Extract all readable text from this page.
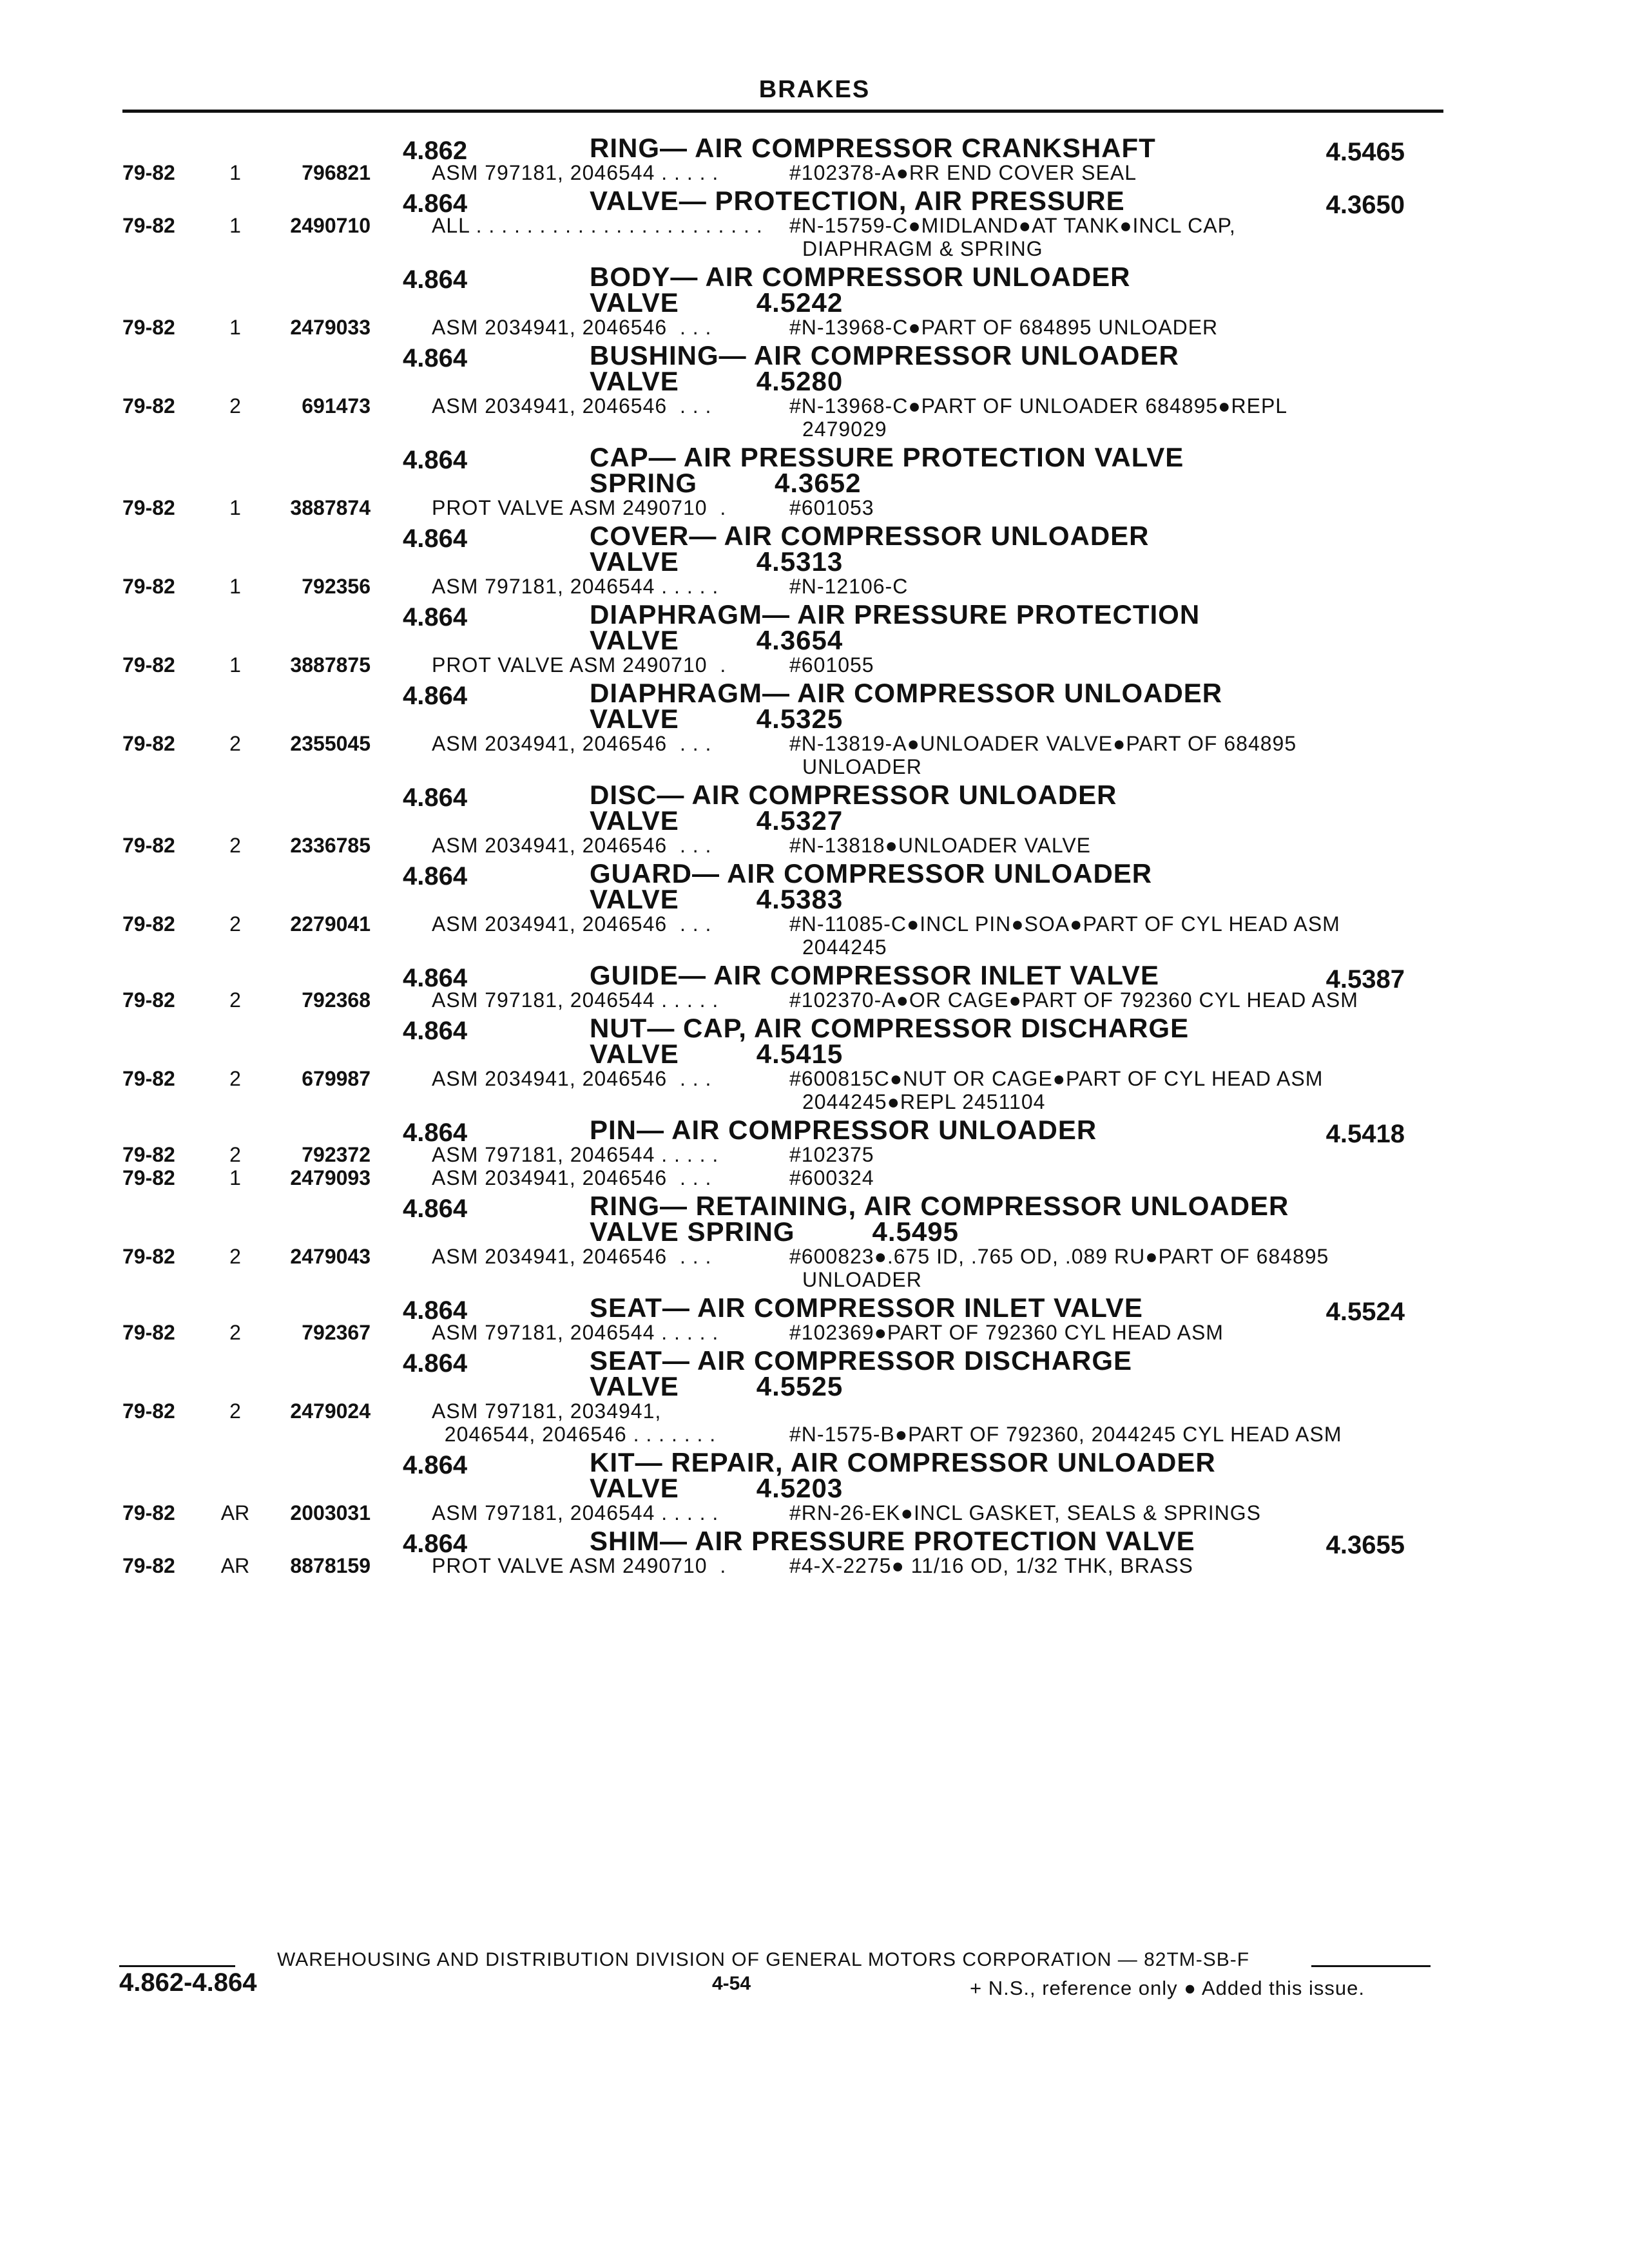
BRAKES
4.862	RING— AIR COMPRESSOR CRANKSHAFT	4.5465
79-82	1	796821	ASM 797181, 2046544 . . . . .	#102378-A●RR END COVER SEAL
4.864	VALVE— PROTECTION, AIR PRESSURE	4.3650
79-82	1	2490710	ALL . . . . . . . . . . . . . . . . . . . . . . .	#N-15759-C●MIDLAND●AT TANK●INCL CAP,
DIAPHRAGM & SPRING
4.864	BODY— AIR COMPRESSOR UNLOADER
VALVE	4.5242
79-82	1	2479033	ASM 2034941, 2046546  . . .	#N-13968-C●PART OF 684895 UNLOADER
4.864	BUSHING— AIR COMPRESSOR UNLOADER
VALVE	4.5280
79-82	2	691473	ASM 2034941, 2046546  . . .	#N-13968-C●PART OF UNLOADER 684895●REPL
2479029
4.864	CAP— AIR PRESSURE PROTECTION VALVE
SPRING	4.3652
79-82	1	3887874	PROT VALVE ASM 2490710  .	#601053
4.864	COVER— AIR COMPRESSOR UNLOADER
VALVE	4.5313
79-82	1	792356	ASM 797181, 2046544 . . . . .	#N-12106-C
4.864	DIAPHRAGM— AIR PRESSURE PROTECTION
VALVE	4.3654
79-82	1	3887875	PROT VALVE ASM 2490710  .	#601055
4.864	DIAPHRAGM— AIR COMPRESSOR UNLOADER
VALVE	4.5325
79-82	2	2355045	ASM 2034941, 2046546  . . .	#N-13819-A●UNLOADER VALVE●PART OF 684895
UNLOADER
4.864	DISC— AIR COMPRESSOR UNLOADER
VALVE	4.5327
79-82	2	2336785	ASM 2034941, 2046546  . . .	#N-13818●UNLOADER VALVE
4.864	GUARD— AIR COMPRESSOR UNLOADER
VALVE	4.5383
79-82	2	2279041	ASM 2034941, 2046546  . . .	#N-11085-C●INCL PIN●SOA●PART OF CYL HEAD ASM
2044245
4.864	GUIDE— AIR COMPRESSOR INLET VALVE	4.5387
79-82	2	792368	ASM 797181, 2046544 . . . . .	#102370-A●OR CAGE●PART OF 792360 CYL HEAD ASM
4.864	NUT— CAP, AIR COMPRESSOR DISCHARGE
VALVE	4.5415
79-82	2	679987	ASM 2034941, 2046546  . . .	#600815C●NUT OR CAGE●PART OF CYL HEAD ASM
2044245●REPL 2451104
4.864	PIN— AIR COMPRESSOR UNLOADER	4.5418
79-82	2	792372	ASM 797181, 2046544 . . . . .	#102375
79-82	1	2479093	ASM 2034941, 2046546  . . .	#600324
4.864	RING— RETAINING, AIR COMPRESSOR UNLOADER
VALVE SPRING	4.5495
79-82	2	2479043	ASM 2034941, 2046546  . . .	#600823●.675 ID, .765 OD, .089 RU●PART OF 684895
UNLOADER
4.864	SEAT— AIR COMPRESSOR INLET VALVE	4.5524
79-82	2	792367	ASM 797181, 2046544 . . . . .	#102369●PART OF 792360 CYL HEAD ASM
4.864	SEAT— AIR COMPRESSOR DISCHARGE
VALVE	4.5525
79-82	2	2479024	ASM 797181, 2034941,
2046544, 2046546 . . . . . . .	#N-1575-B●PART OF 792360, 2044245 CYL HEAD ASM
4.864	KIT— REPAIR, AIR COMPRESSOR UNLOADER
VALVE	4.5203
79-82	AR	2003031	ASM 797181, 2046544 . . . . .	#RN-26-EK●INCL GASKET, SEALS & SPRINGS
4.864	SHIM— AIR PRESSURE PROTECTION VALVE	4.3655
79-82	AR	8878159	PROT VALVE ASM 2490710  .	#4-X-2275● 11/16 OD, 1/32 THK, BRASS
WAREHOUSING AND DISTRIBUTION DIVISION OF GENERAL MOTORS CORPORATION — 82TM-SB-F
4.862-4.864	4-54	+ N.S., reference only ● Added this issue.
